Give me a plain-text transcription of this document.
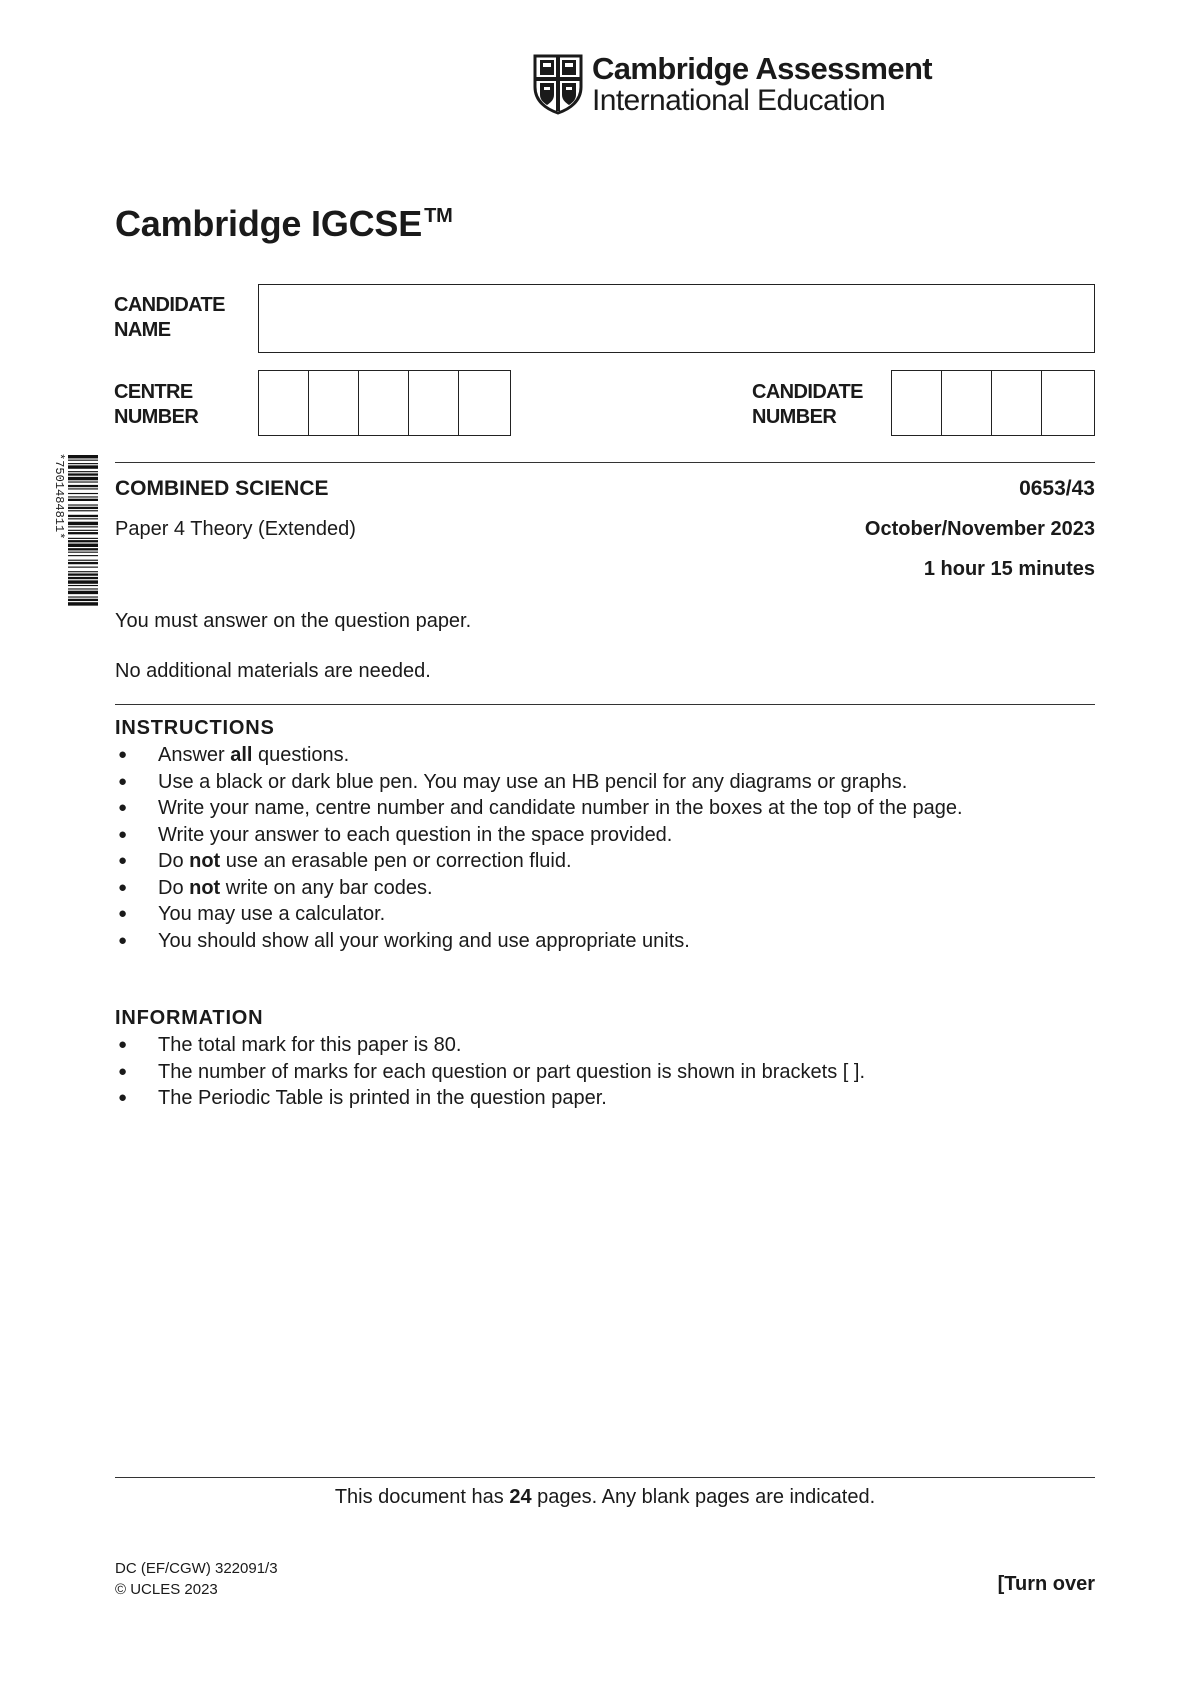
Cambridge Assessment
International Education
Cambridge IGCSE ™
CANDIDATE
NAME
CENTRE
NUMBER
CANDIDATE
NUMBER
*7501484811* COMBINED SCIENCE	0653/43
Paper 4 Theory (Extended)	October/November 2023
1 hour 15 minutes
You must answer on the question paper.
No additional materials are needed.
INSTRUCTIONS
● Answer all questions.
● Use a black or dark blue pen. You may use an HB pencil for any diagrams or graphs.
● Write your name, centre number and candidate number in the boxes at the top of the page.
● Write your answer to each question in the space provided.
● Do not use an erasable pen or correction fluid.
● Do not write on any bar codes.
● You may use a calculator.
● You should show all your working and use appropriate units.
INFORMATION
● The total mark for this paper is 80.
● The number of marks for each question or part question is shown in brackets [ ].
● The Periodic Table is printed in the question paper.
This document has 24 pages. Any blank pages are indicated.
DC (EF/CGW) 322091/3
© UCLES 2023	[Turn over
